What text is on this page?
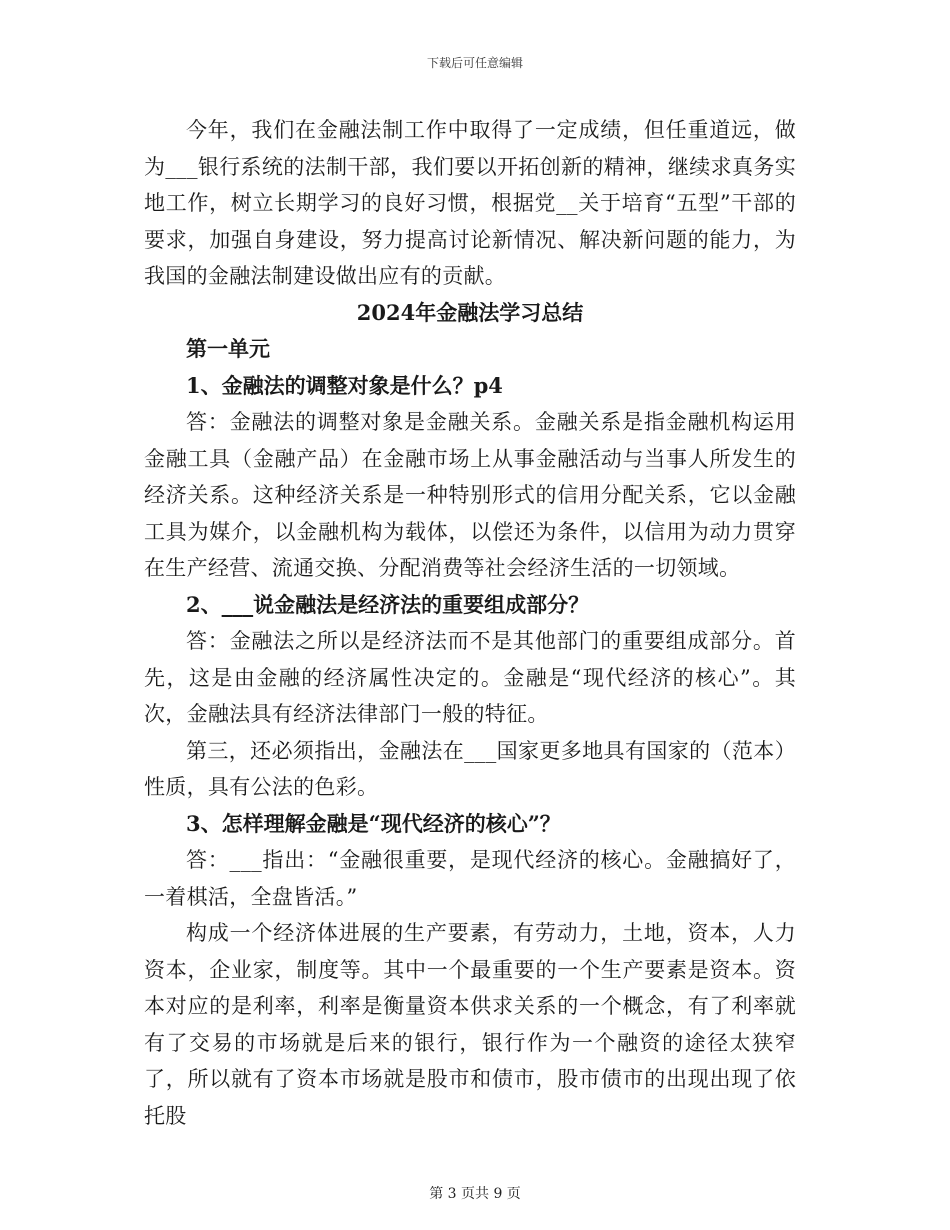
下载后可任意编辑

今年，我们在金融法制工作中取得了一定成绩，但任重道远，做为___银行系统的法制干部，我们要以开拓创新的精神，继续求真务实地工作，树立长期学习的良好习惯，根据党__关于培育“五型”干部的要求，加强自身建设，努力提高讨论新情况、解决新问题的能力，为我国的金融法制建设做出应有的贡献。

2024年金融法学习总结

第一单元

1、金融法的调整对象是什么？p4

答：金融法的调整对象是金融关系。金融关系是指金融机构运用金融工具（金融产品）在金融市场上从事金融活动与当事人所发生的经济关系。这种经济关系是一种特别形式的信用分配关系，它以金融工具为媒介，以金融机构为载体，以偿还为条件，以信用为动力贯穿在生产经营、流通交换、分配消费等社会经济生活的一切领域。

2、___说金融法是经济法的重要组成部分？

答：金融法之所以是经济法而不是其他部门的重要组成部分。首先，这是由金融的经济属性决定的。金融是“现代经济的核心”。其次，金融法具有经济法律部门一般的特征。

第三，还必须指出，金融法在___国家更多地具有国家的（范本）性质，具有公法的色彩。

3、怎样理解金融是“现代经济的核心”？

答：___指出：“金融很重要，是现代经济的核心。金融搞好了，一着棋活，全盘皆活。”

构成一个经济体进展的生产要素，有劳动力，土地，资本，人力资本，企业家，制度等。其中一个最重要的一个生产要素是资本。资本对应的是利率，利率是衡量资本供求关系的一个概念，有了利率就有了交易的市场就是后来的银行，银行作为一个融资的途径太狭窄了，所以就有了资本市场就是股市和债市，股市债市的出现出现了依托股

第 3 页共 9 页
